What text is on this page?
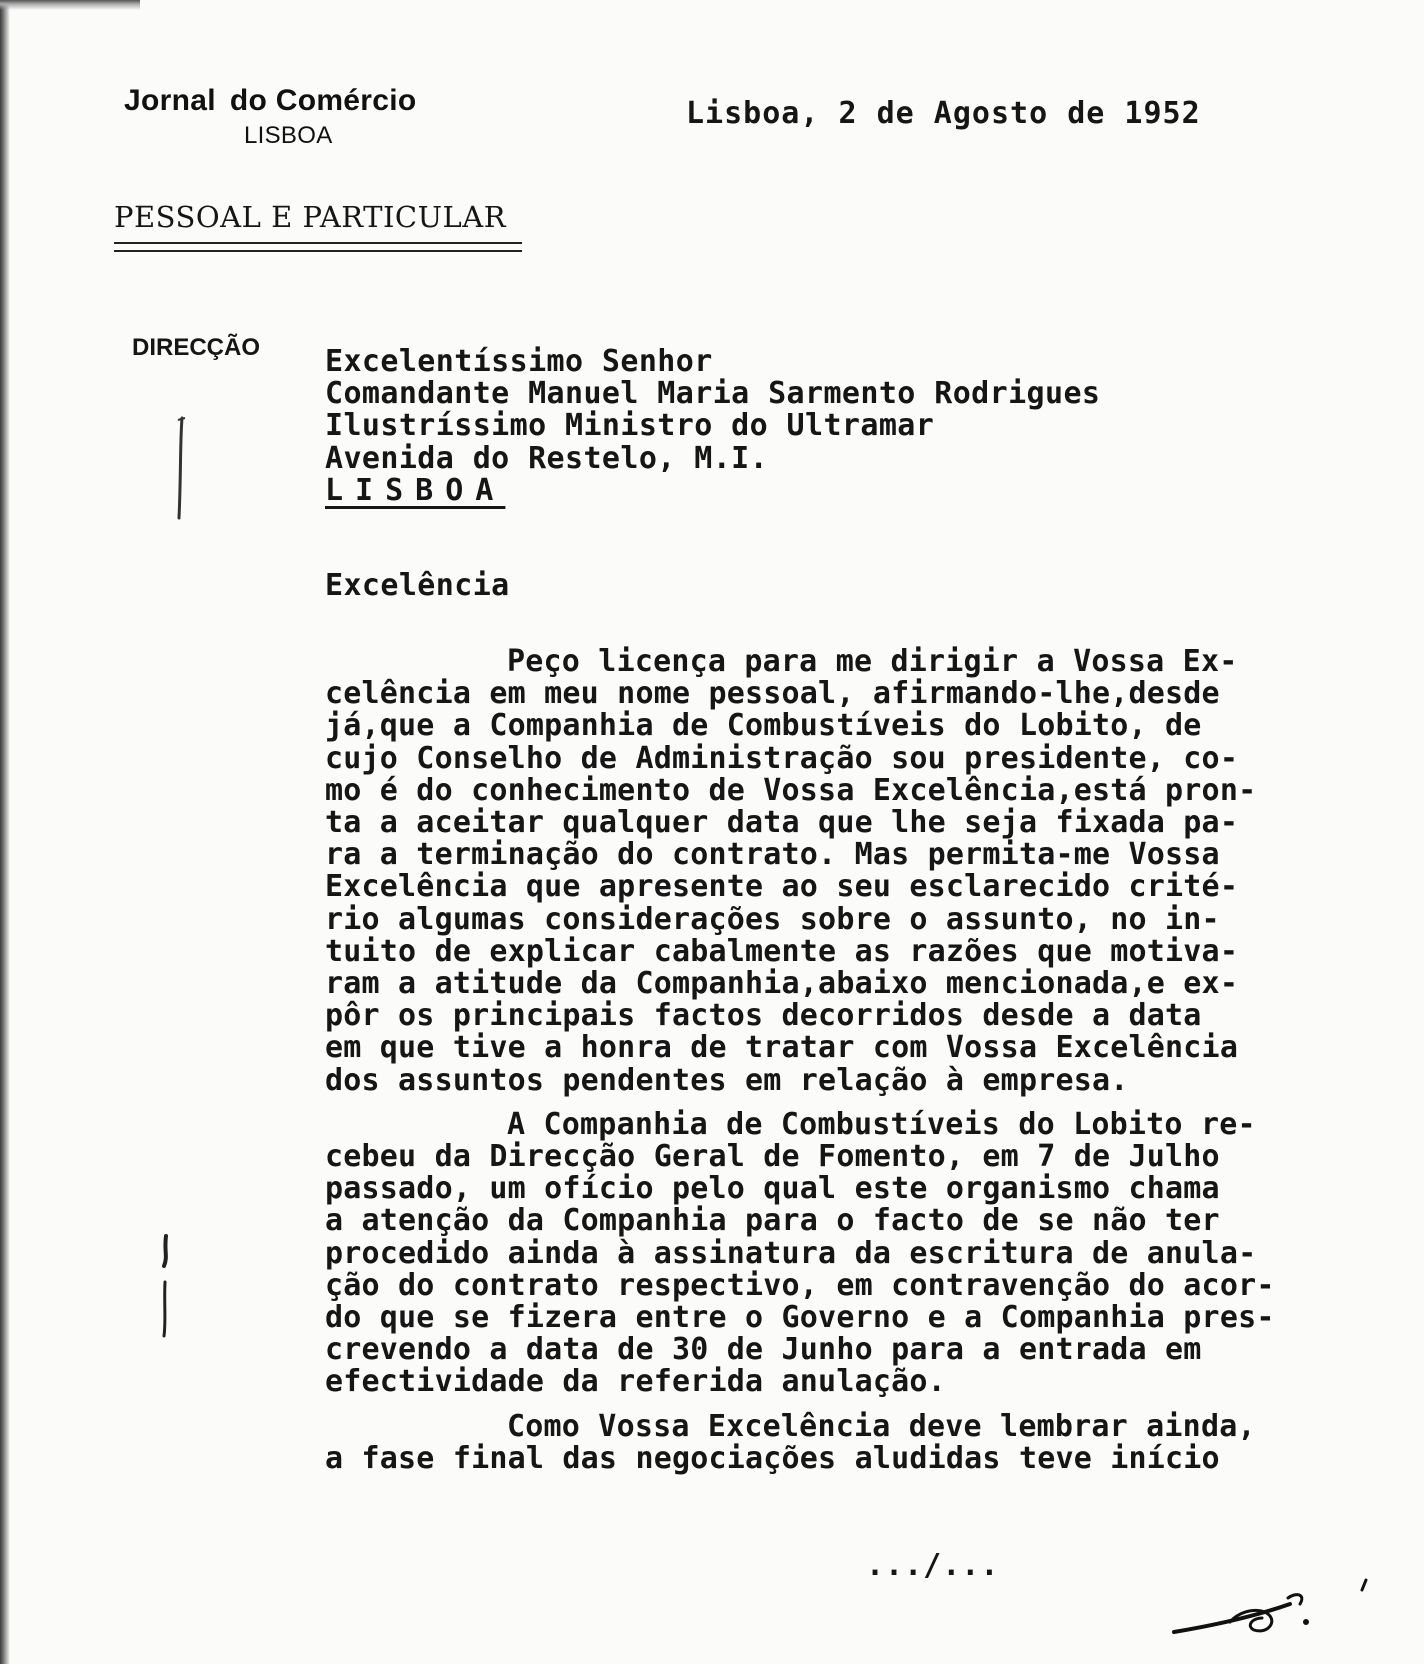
Jornal do Comércio
LISBOA
Lisboa, 2 de Agosto de 1952
PESSOAL E PARTICULAR
DIRECÇÃO Excelentíssimo Senhor
Comandante Manuel Maria Sarmento Rodrigues
Ilustríssimo Ministro do Ultramar
Avenida do Restelo, M.I.
LISBOA
Excelência
Peço licença para me dirigir a Vossa Ex-
celência em meu nome pessoal, afirmando-lhe,desde
já,que a Companhia de Combustíveis do Lobito, de
cujo Conselho de Administração sou presidente, co-
mo é do conhecimento de Vossa Excelência,está pron-
ta a aceitar qualquer data que lhe seja fixada pa-
ra a terminação do contrato. Mas permita-me Vossa
Excelência que apresente ao seu esclarecido crité-
rio algumas considerações sobre o assunto, no in-
tuito de explicar cabalmente as razões que motiva-
ram a atitude da Companhia,abaixo mencionada,e ex-
pôr os principais factos decorridos desde a data
em que tive a honra de tratar com Vossa Excelência
dos assuntos pendentes em relação à empresa.
A Companhia de Combustíveis do Lobito re-
cebeu da Direcção Geral de Fomento, em 7 de Julho
passado, um ofício pelo qual este organismo chama
a atenção da Companhia para o facto de se não ter
procedido ainda à assinatura da escritura de anula-
ção do contrato respectivo, em contravenção do acor-
do que se fizera entre o Governo e a Companhia pres-
crevendo a data de 30 de Junho para a entrada em
efectividade da referida anulação.
Como Vossa Excelência deve lembrar ainda,
a fase final das negociações aludidas teve início
.../...
